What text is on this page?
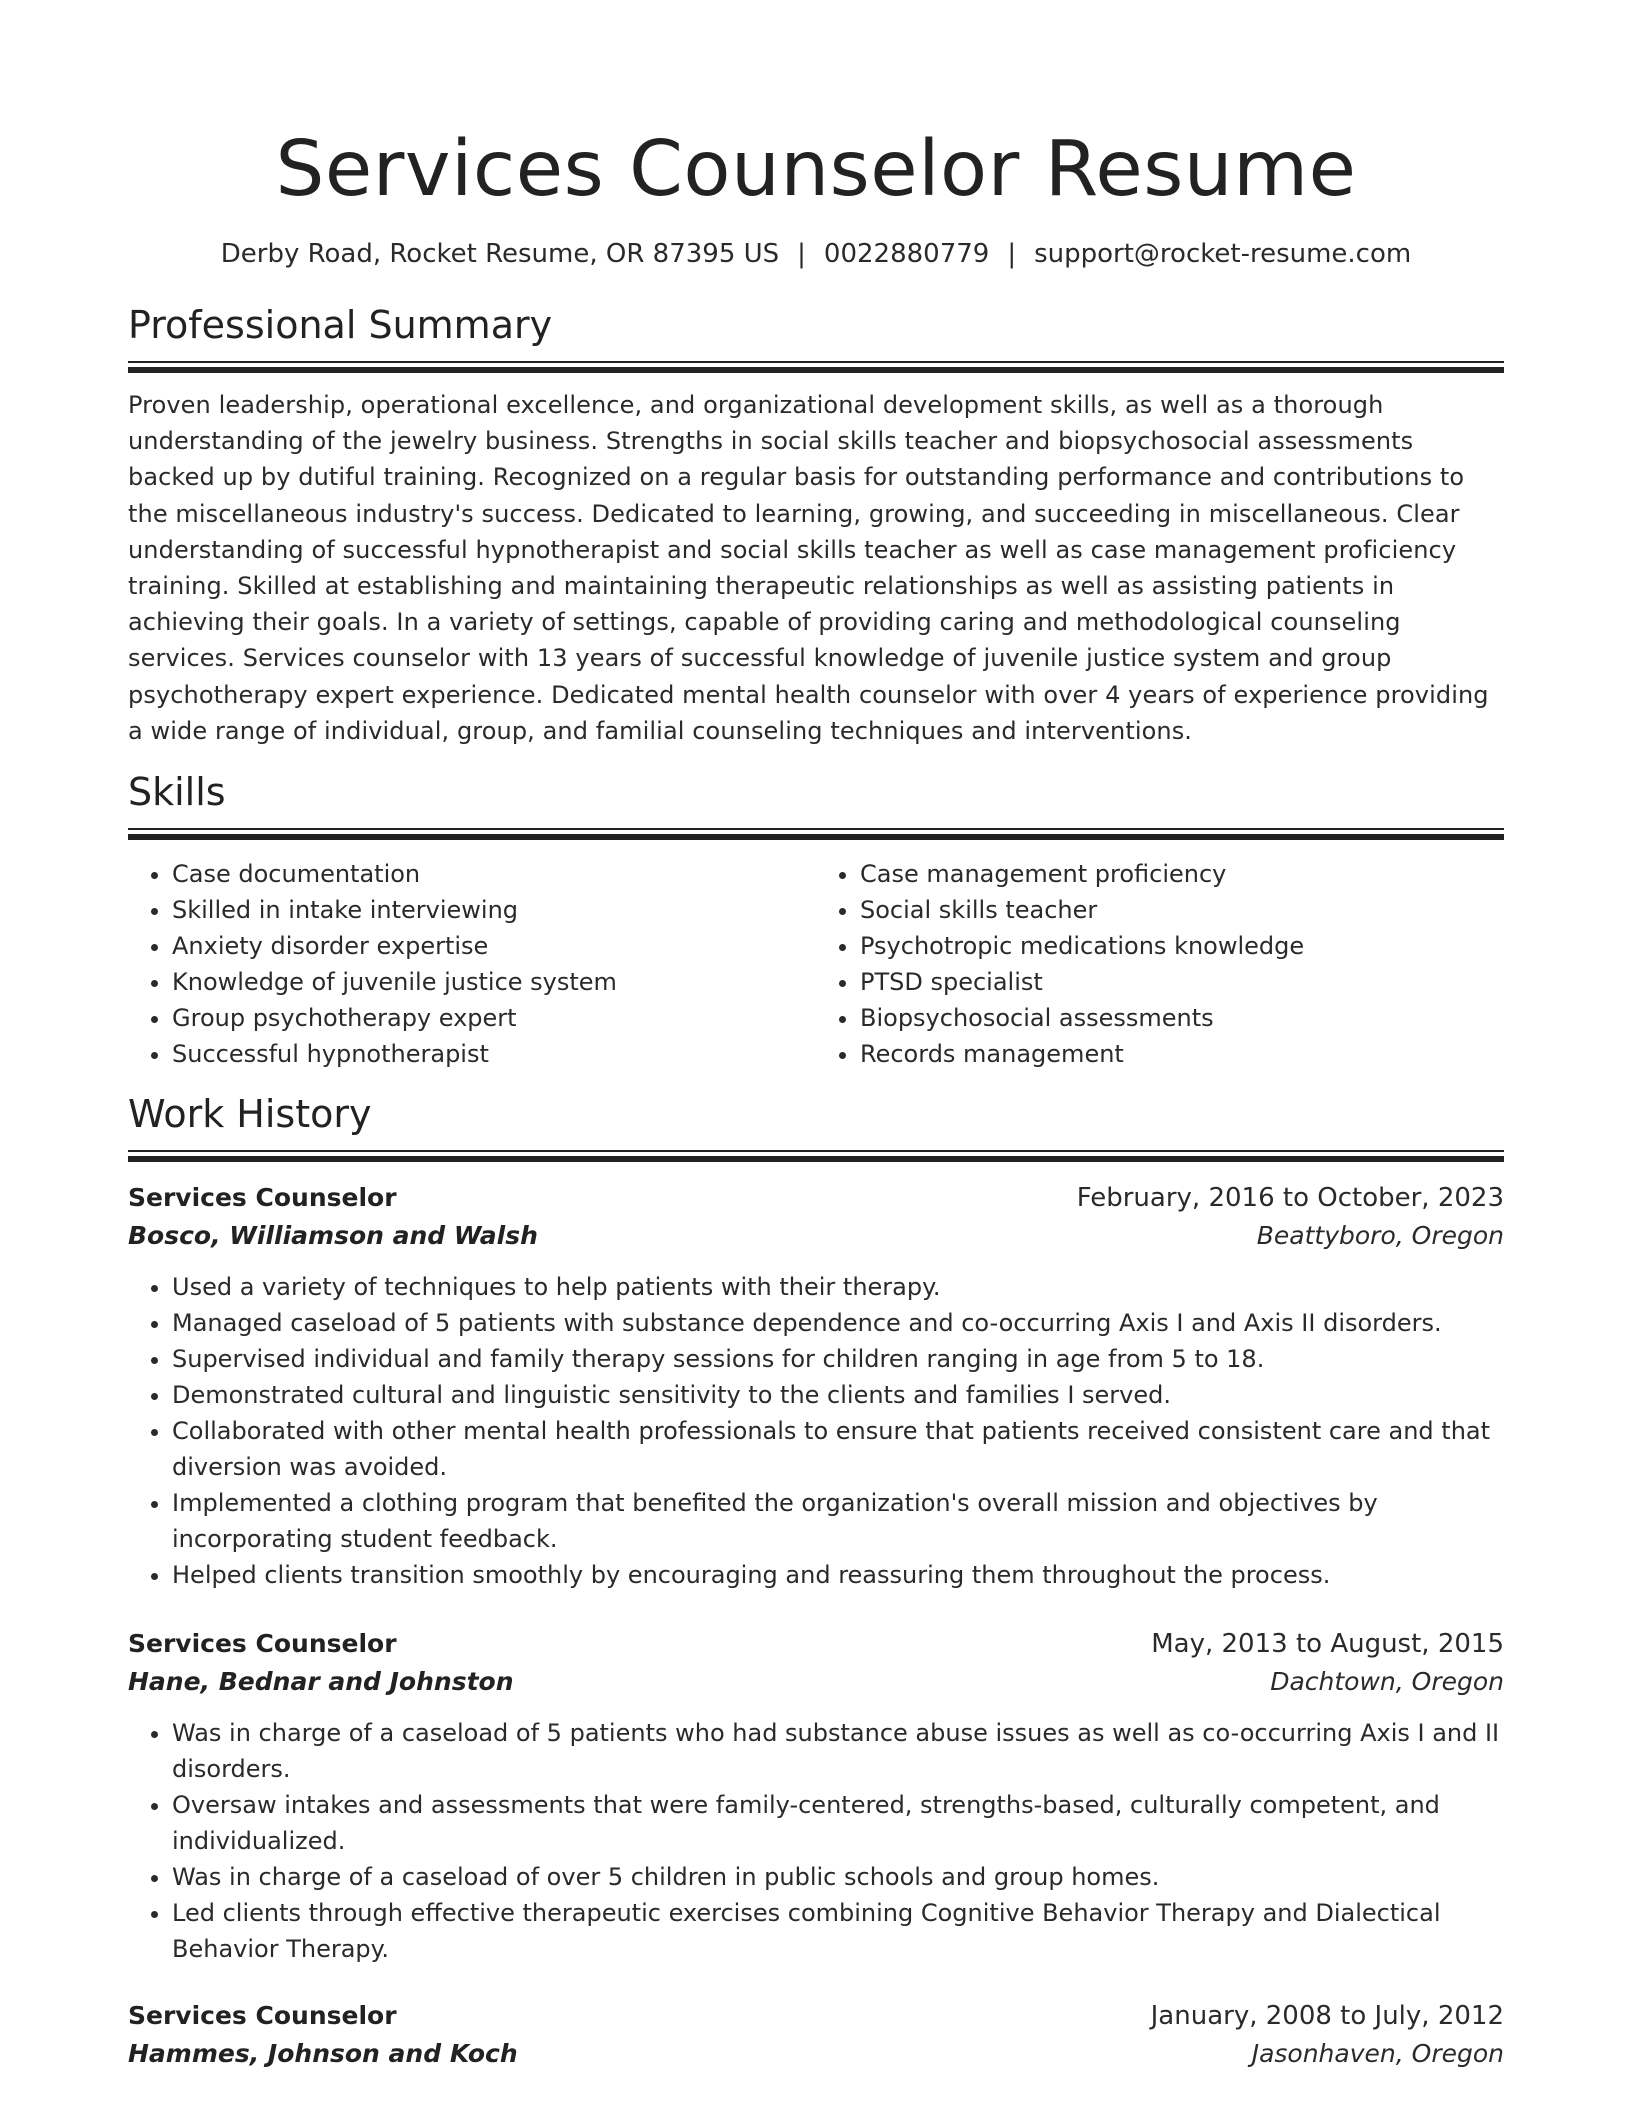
Services Counselor Resume
Derby Road, Rocket Resume, OR 87395 US | 0022880779 | support@rocket-resume.com
Professional Summary

Proven leadership, operational excellence, and organizational development skills, as well as a thorough understanding of the jewelry business. Strengths in social skills teacher and biopsychosocial assessments backed up by dutiful training. Recognized on a regular basis for outstanding performance and contributions to the miscellaneous industry's success. Dedicated to learning, growing, and succeeding in miscellaneous. Clear understanding of successful hypnotherapist and social skills teacher as well as case management proficiency training. Skilled at establishing and maintaining therapeutic relationships as well as assisting patients in achieving their goals. In a variety of settings, capable of providing caring and methodological counseling services. Services counselor with 13 years of successful knowledge of juvenile justice system and group psychotherapy expert experience. Dedicated mental health counselor with over 4 years of experience providing a wide range of individual, group, and familial counseling techniques and interventions.

Skills
• Case documentation
• Skilled in intake interviewing
• Anxiety disorder expertise
• Knowledge of juvenile justice system
• Group psychotherapy expert
• Successful hypnotherapist
• Case management proficiency
• Social skills teacher
• Psychotropic medications knowledge
• PTSD specialist
• Biopsychosocial assessments
• Records management
Work History
Services Counselor	February, 2016 to October, 2023
Bosco, Williamson and Walsh	Beattyboro, Oregon
• Used a variety of techniques to help patients with their therapy.
• Managed caseload of 5 patients with substance dependence and co-occurring Axis I and Axis II disorders.
• Supervised individual and family therapy sessions for children ranging in age from 5 to 18.
• Demonstrated cultural and linguistic sensitivity to the clients and families I served.
• Collaborated with other mental health professionals to ensure that patients received consistent care and that diversion was avoided.
• Implemented a clothing program that benefited the organization's overall mission and objectives by incorporating student feedback.
• Helped clients transition smoothly by encouraging and reassuring them throughout the process.
Services Counselor	May, 2013 to August, 2015
Hane, Bednar and Johnston	Dachtown, Oregon
• Was in charge of a caseload of 5 patients who had substance abuse issues as well as co-occurring Axis I and II disorders.
• Oversaw intakes and assessments that were family-centered, strengths-based, culturally competent, and individualized.
• Was in charge of a caseload of over 5 children in public schools and group homes.
• Led clients through effective therapeutic exercises combining Cognitive Behavior Therapy and Dialectical Behavior Therapy.
Services Counselor	January, 2008 to July, 2012
Hammes, Johnson and Koch	Jasonhaven, Oregon
